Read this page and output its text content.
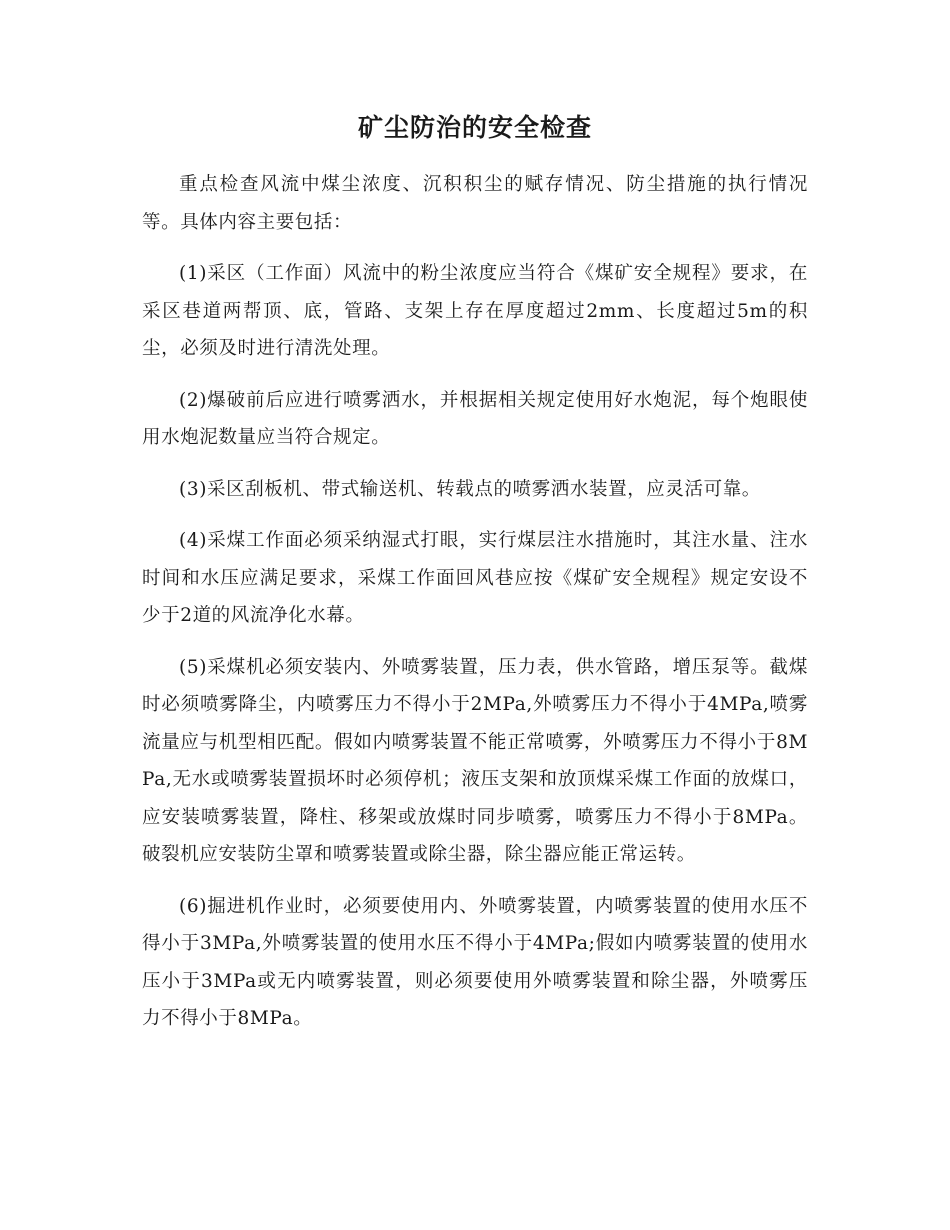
矿尘防治的安全检查

重点检查风流中煤尘浓度、沉积积尘的赋存情况、防尘措施的执行情况等。具体内容主要包括：

(1)采区（工作面）风流中的粉尘浓度应当符合《煤矿安全规程》要求，在采区巷道两帮顶、底，管路、支架上存在厚度超过2mm、长度超过5m的积尘，必须及时进行清洗处理。

(2)爆破前后应进行喷雾洒水，并根据相关规定使用好水炮泥，每个炮眼使用水炮泥数量应当符合规定。

(3)采区刮板机、带式输送机、转载点的喷雾洒水装置，应灵活可靠。

(4)采煤工作面必须采纳湿式打眼，实行煤层注水措施时，其注水量、注水时间和水压应满足要求，采煤工作面回风巷应按《煤矿安全规程》规定安设不少于2道的风流净化水幕。

(5)采煤机必须安装内、外喷雾装置，压力表，供水管路，增压泵等。截煤时必须喷雾降尘，内喷雾压力不得小于2MPa,外喷雾压力不得小于4MPa,喷雾流量应与机型相匹配。假如内喷雾装置不能正常喷雾，外喷雾压力不得小于8MPa,无水或喷雾装置损坏时必须停机；液压支架和放顶煤采煤工作面的放煤口，应安装喷雾装置，降柱、移架或放煤时同步喷雾，喷雾压力不得小于8MPa。破裂机应安装防尘罩和喷雾装置或除尘器，除尘器应能正常运转。

(6)掘进机作业时，必须要使用内、外喷雾装置，内喷雾装置的使用水压不得小于3MPa,外喷雾装置的使用水压不得小于4MPa;假如内喷雾装置的使用水压小于3MPa或无内喷雾装置，则必须要使用外喷雾装置和除尘器，外喷雾压力不得小于8MPa。
